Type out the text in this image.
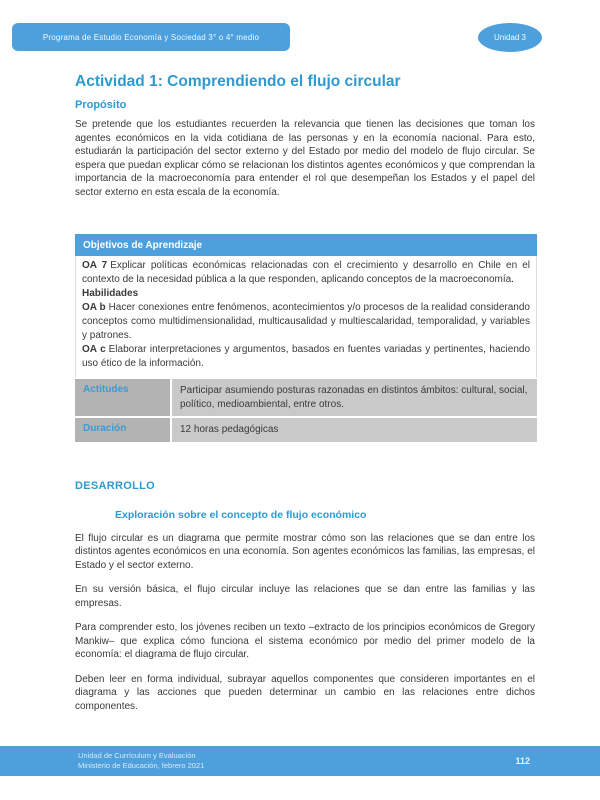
Programa de Estudio Economía y Sociedad 3° o 4° medio	Unidad 3
Actividad 1: Comprendiendo el flujo circular
Propósito

Se pretende que los estudiantes recuerden la relevancia que tienen las decisiones que toman los agentes económicos en la vida cotidiana de las personas y en la economía nacional. Para esto, estudiarán la participación del sector externo y del Estado por medio del modelo de flujo circular. Se espera que puedan explicar cómo se relacionan los distintos agentes económicos y que comprendan la importancia de la macroeconomía para entender el rol que desempeñan los Estados y el papel del sector externo en esta escala de la economía.

Objetivos de Aprendizaje	

OA 7 Explicar políticas económicas relacionadas con el crecimiento y desarrollo en Chile en el contexto de la necesidad pública a la que responden, aplicando conceptos de la macroeconomía.

Habilidades

OA b Hacer conexiones entre fenómenos, acontecimientos y/o procesos de la realidad considerando conceptos como multidimensionalidad, multicausalidad y multiescalaridad, temporalidad, y variables y patrones.

OA c Elaborar interpretaciones y argumentos, basados en fuentes variadas y pertinentes, haciendo uso ético de la información.	

Actitudes	Participar asumiendo posturas razonadas en distintos ámbitos: cultural, social, político, medioambiental, entre otros.
Duración	12 horas pedagógicas
DESARROLLO
Exploración sobre el concepto de flujo económico

El flujo circular es un diagrama que permite mostrar cómo son las relaciones que se dan entre los distintos agentes económicos en una economía. Son agentes económicos las familias, las empresas, el Estado y el sector externo.

En su versión básica, el flujo circular incluye las relaciones que se dan entre las familias y las empresas.

Para comprender esto, los jóvenes reciben un texto –extracto de los principios económicos de Gregory Mankiw– que explica cómo funciona el sistema económico por medio del primer modelo de la economía: el diagrama de flujo circular.

Deben leer en forma individual, subrayar aquellos componentes que consideren importantes en el diagrama y las acciones que pueden determinar un cambio en las relaciones entre dichos componentes.

Unidad de Currículum y Evaluación
Ministerio de Educación, febrero 2021	112
